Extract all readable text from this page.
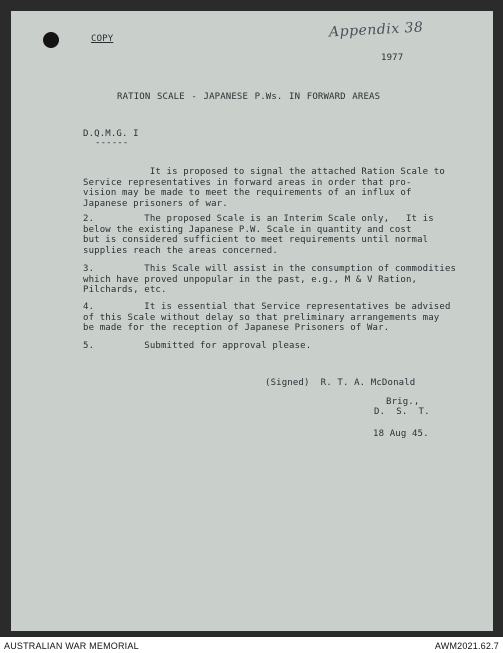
COPY	Appendix 38
1977
RATION SCALE - JAPANESE P.Ws. IN FORWARD AREAS
D.Q.M.G. I
------
It is proposed to signal the attached Ration Scale to
Service representatives in forward areas in order that pro-
vision may be made to meet the requirements of an influx of
Japanese prisoners of war.
2.         The proposed Scale is an Interim Scale only,   It is
below the existing Japanese P.W. Scale in quantity and cost
but is considered sufficient to meet requirements until normal
supplies reach the areas concerned.
3.         This Scale will assist in the consumption of commodities
which have proved unpopular in the past, e.g., M & V Ration,
Pilchards, etc.
4.         It is essential that Service representatives be advised
of this Scale without delay so that preliminary arrangements may
be made for the reception of Japanese Prisoners of War.
5.         Submitted for approval please.
(Signed)  R. T. A. McDonald
Brig.,
D.  S.  T.
18 Aug 45.
AUSTRALIAN WAR MEMORIAL	AWM2021.62.7
